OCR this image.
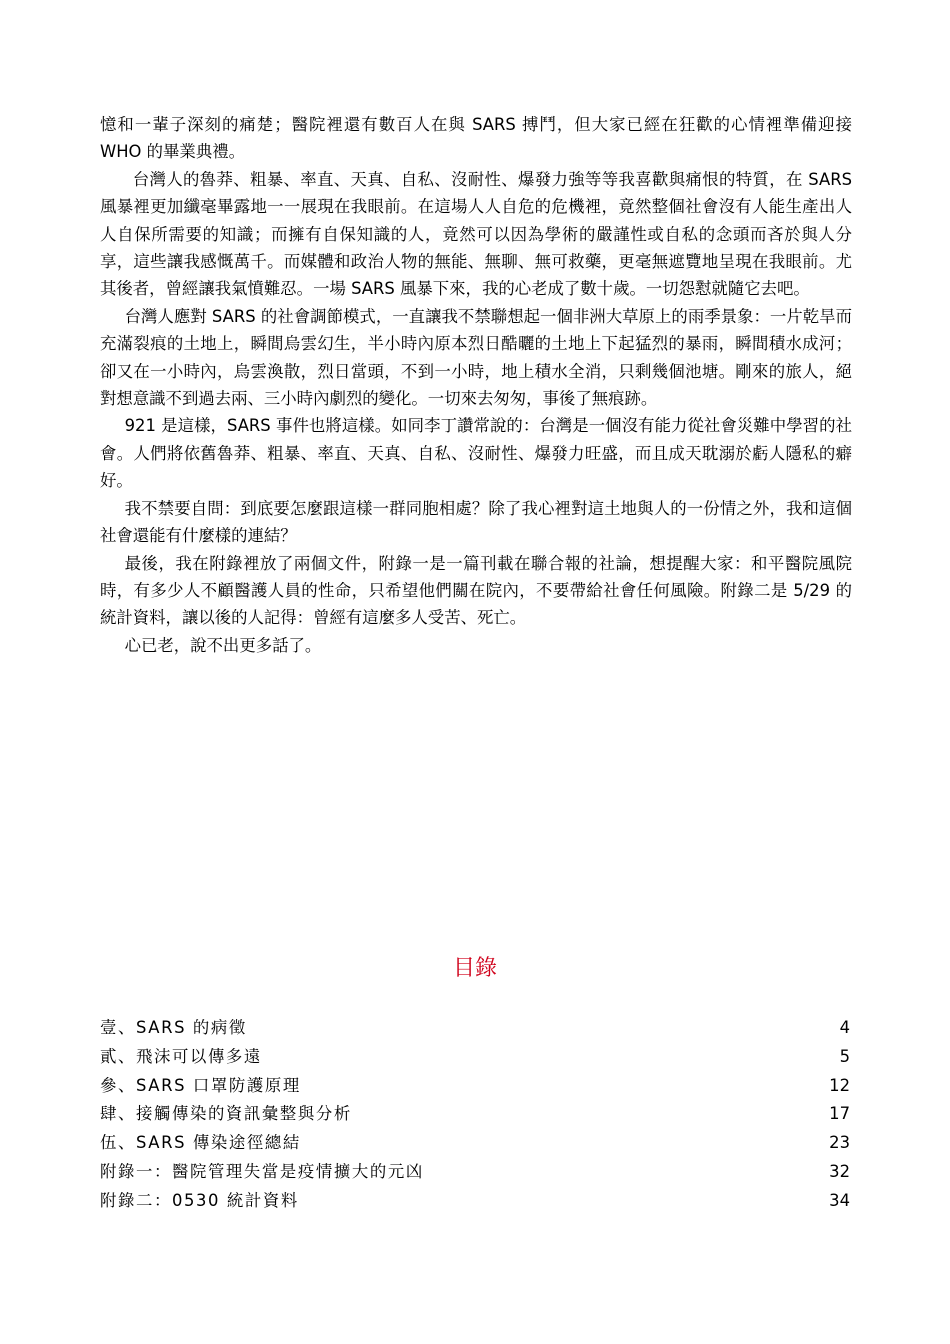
憶和一輩子深刻的痛楚；醫院裡還有數百人在與 SARS 搏鬥，但大家已經在狂歡的心情裡準備迎接 WHO 的畢業典禮。

台灣人的魯莽、粗暴、率直、天真、自私、沒耐性、爆發力強等等我喜歡與痛恨的特質，在 SARS 風暴裡更加纖毫畢露地一一展現在我眼前。在這場人人自危的危機裡，竟然整個社會沒有人能生產出人人自保所需要的知識；而擁有自保知識的人，竟然可以因為學術的嚴謹性或自私的念頭而吝於與人分享，這些讓我感慨萬千。而媒體和政治人物的無能、無聊、無可救藥，更毫無遮覽地呈現在我眼前。尤其後者，曾經讓我氣憤難忍。一場 SARS 風暴下來，我的心老成了數十歲。一切怨懟就隨它去吧。

台灣人應對 SARS 的社會調節模式，一直讓我不禁聯想起一個非洲大草原上的雨季景象：一片乾旱而充滿裂痕的土地上，瞬間烏雲幻生，半小時內原本烈日酷曬的土地上下起猛烈的暴雨，瞬間積水成河；卻又在一小時內，烏雲渙散，烈日當頭，不到一小時，地上積水全消，只剩幾個池塘。剛來的旅人，絕對想意識不到過去兩、三小時內劇烈的變化。一切來去匆匆，事後了無痕跡。

921 是這樣，SARS 事件也將這樣。如同李丁讚常說的：台灣是一個沒有能力從社會災難中學習的社會。人們將依舊魯莽、粗暴、率直、天真、自私、沒耐性、爆發力旺盛，而且成天耽溺於虧人隱私的癖好。

我不禁要自問：到底要怎麼跟這樣一群同胞相處？除了我心裡對這土地與人的一份情之外，我和這個社會還能有什麼樣的連結？

最後，我在附錄裡放了兩個文件，附錄一是一篇刊載在聯合報的社論，想提醒大家：和平醫院風院時，有多少人不顧醫護人員的性命，只希望他們關在院內，不要帶給社會任何風險。附錄二是 5/29 的統計資料，讓以後的人記得：曾經有這麼多人受苦、死亡。

心已老，說不出更多話了。

目錄
壹、SARS 的病徵	4
貳、飛沫可以傳多遠	5
參、SARS 口罩防護原理	12
肆、接觸傳染的資訊彙整與分析	17
伍、SARS 傳染途徑總結	23
附錄一：醫院管理失當是疫情擴大的元凶	32
附錄二：0530 統計資料	34
